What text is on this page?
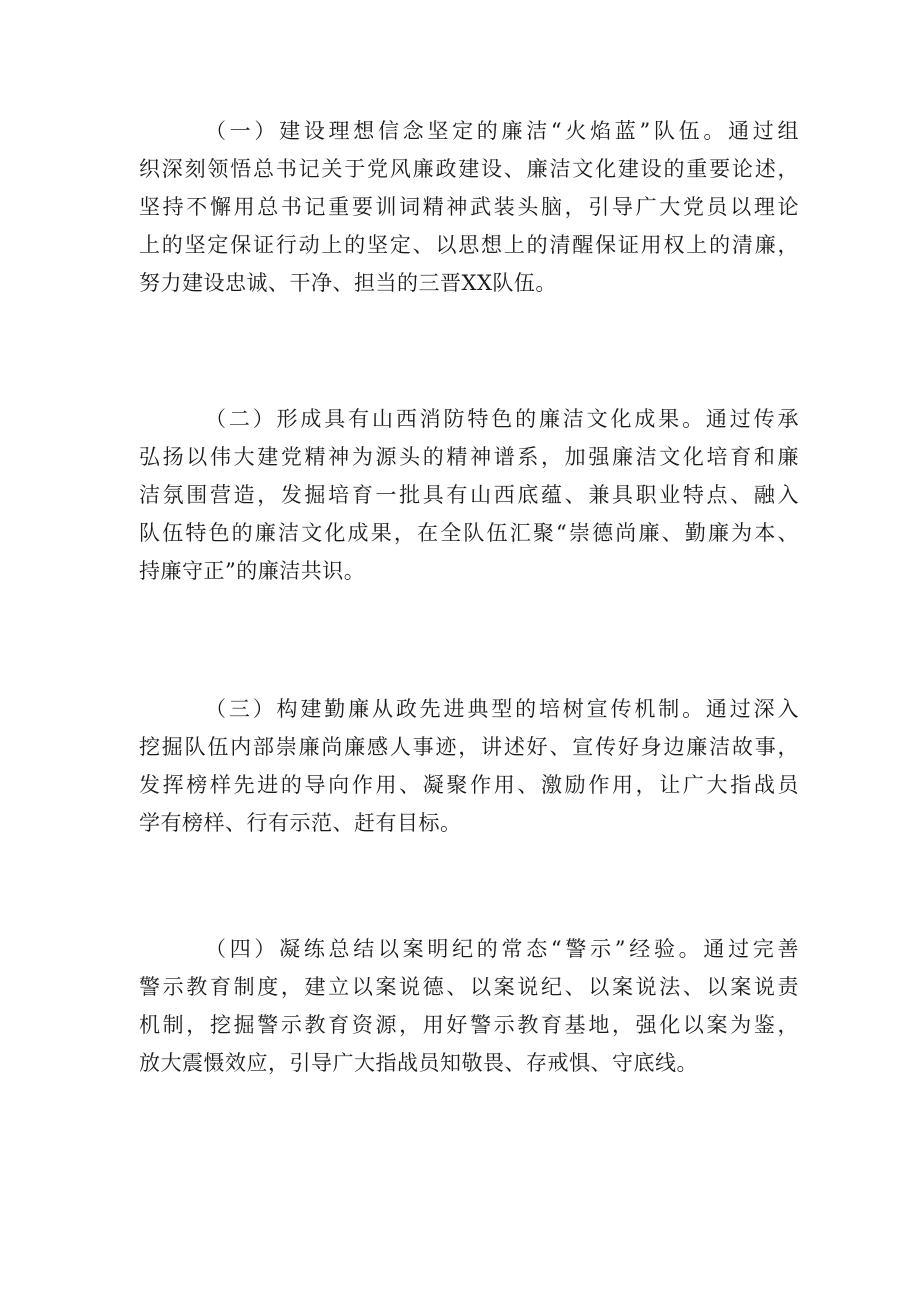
（一）建设理想信念坚定的廉洁“火焰蓝”队伍。通过组
织深刻领悟总书记关于党风廉政建设、廉洁文化建设的重要论述，
坚持不懈用总书记重要训词精神武装头脑，引导广大党员以理论
上的坚定保证行动上的坚定、以思想上的清醒保证用权上的清廉，
努力建设忠诚、干净、担当的三晋XX队伍。
（二）形成具有山西消防特色的廉洁文化成果。通过传承
弘扬以伟大建党精神为源头的精神谱系，加强廉洁文化培育和廉
洁氛围营造，发掘培育一批具有山西底蕴、兼具职业特点、融入
队伍特色的廉洁文化成果，在全队伍汇聚“崇德尚廉、勤廉为本、
持廉守正”的廉洁共识。
（三）构建勤廉从政先进典型的培树宣传机制。通过深入
挖掘队伍内部崇廉尚廉感人事迹，讲述好、宣传好身边廉洁故事，
发挥榜样先进的导向作用、凝聚作用、激励作用，让广大指战员
学有榜样、行有示范、赶有目标。
（四）凝练总结以案明纪的常态“警示”经验。通过完善
警示教育制度，建立以案说德、以案说纪、以案说法、以案说责
机制，挖掘警示教育资源，用好警示教育基地，强化以案为鉴，
放大震慑效应，引导广大指战员知敬畏、存戒惧、守底线。
